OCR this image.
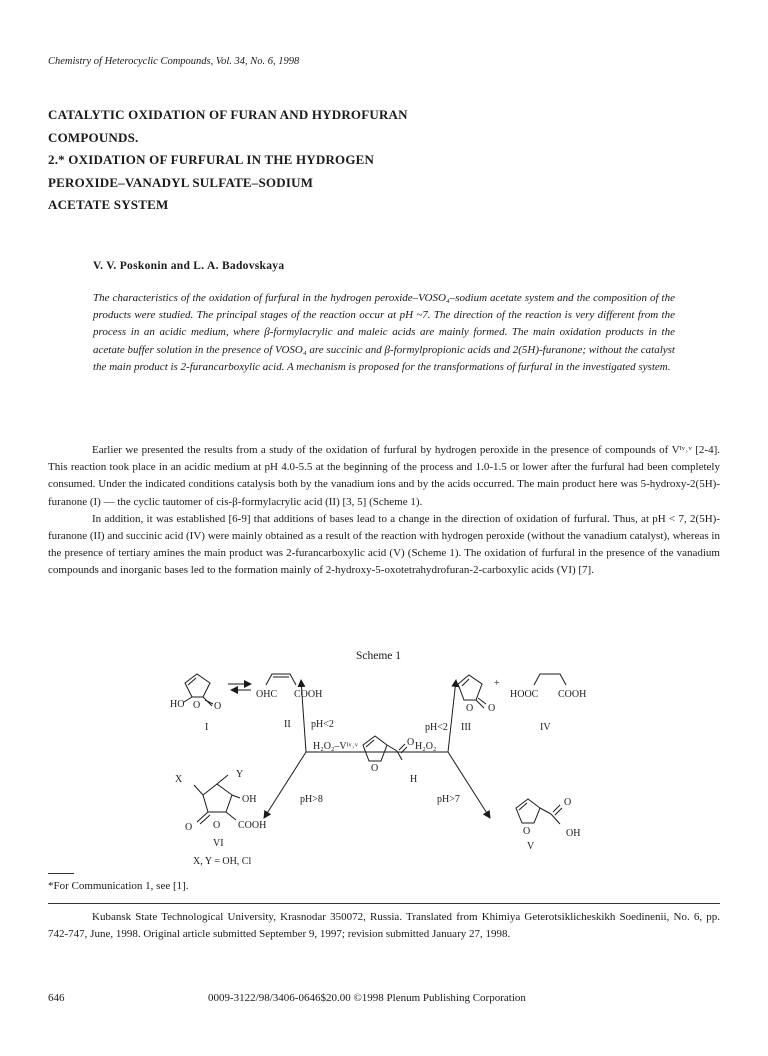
Chemistry of Heterocyclic Compounds, Vol. 34, No. 6, 1998
CATALYTIC OXIDATION OF FURAN AND HYDROFURAN
COMPOUNDS.
2.* OXIDATION OF FURFURAL IN THE HYDROGEN
PEROXIDE–VANADYL SULFATE–SODIUM
ACETATE SYSTEM
V. V. Poskonin and L. A. Badovskaya

The characteristics of the oxidation of furfural in the hydrogen peroxide–VOSO₄–sodium acetate system and the composition of the products were studied. The principal stages of the reaction occur at pH ~7. The direction of the reaction is very different from the process in an acidic medium, where β-formylacrylic and maleic acids are mainly formed. The main oxidation products in the acetate buffer solution in the presence of VOSO₄ are succinic and β-formylpropionic acids and 2(5H)-furanone; without the catalyst the main product is 2-furancarboxylic acid. A mechanism is proposed for the transformations of furfural in the investigated system.

Earlier we presented the results from a study of the oxidation of furfural by hydrogen peroxide in the presence of compounds of Vᴵᵛ˒ᵛ [2-4]. This reaction took place in an acidic medium at pH 4.0-5.5 at the beginning of the process and 1.0-1.5 or lower after the furfural had been completely consumed. Under the indicated conditions catalysis both by the vanadium ions and by the acids occurred. The main product here was 5-hydroxy-2(5H)-furanone (I) — the cyclic tautomer of cis-β-formylacrylic acid (II) [3, 5] (Scheme 1).

In addition, it was established [6-9] that additions of bases lead to a change in the direction of oxidation of furfural. Thus, at pH < 7, 2(5H)-furanone (II) and succinic acid (IV) were mainly obtained as a result of the reaction with hydrogen peroxide (without the vanadium catalyst), whereas in the presence of tertiary amines the main product was 2-furancarboxylic acid (V) (Scheme 1). The oxidation of furfural in the presence of the vanadium compounds and inorganic bases led to the formation mainly of 2-hydroxy-5-oxotetrahydrofuran-2-carboxylic acids (VI) [7].

Scheme 1
HO O O
OHC COOH
I	II pH<2
O O
+
HOOC COOH
pH<2 III	IV
H₂O₂–Vᴵᵛ˒ᵛ	H₂O₂
O
O
H
X	Y
OH
O O COOH
VI
X, Y = OH, Cl
pH>8	pH>7
O
O
OH
V
*For Communication 1, see [1].

Kubansk State Technological University, Krasnodar 350072, Russia. Translated from Khimiya Geterotsiklicheskikh Soedinenii, No. 6, pp. 742-747, June, 1998. Original article submitted September 9, 1997; revision submitted January 27, 1998.

646	0009-3122/98/3406-0646$20.00 ©1998 Plenum Publishing Corporation
